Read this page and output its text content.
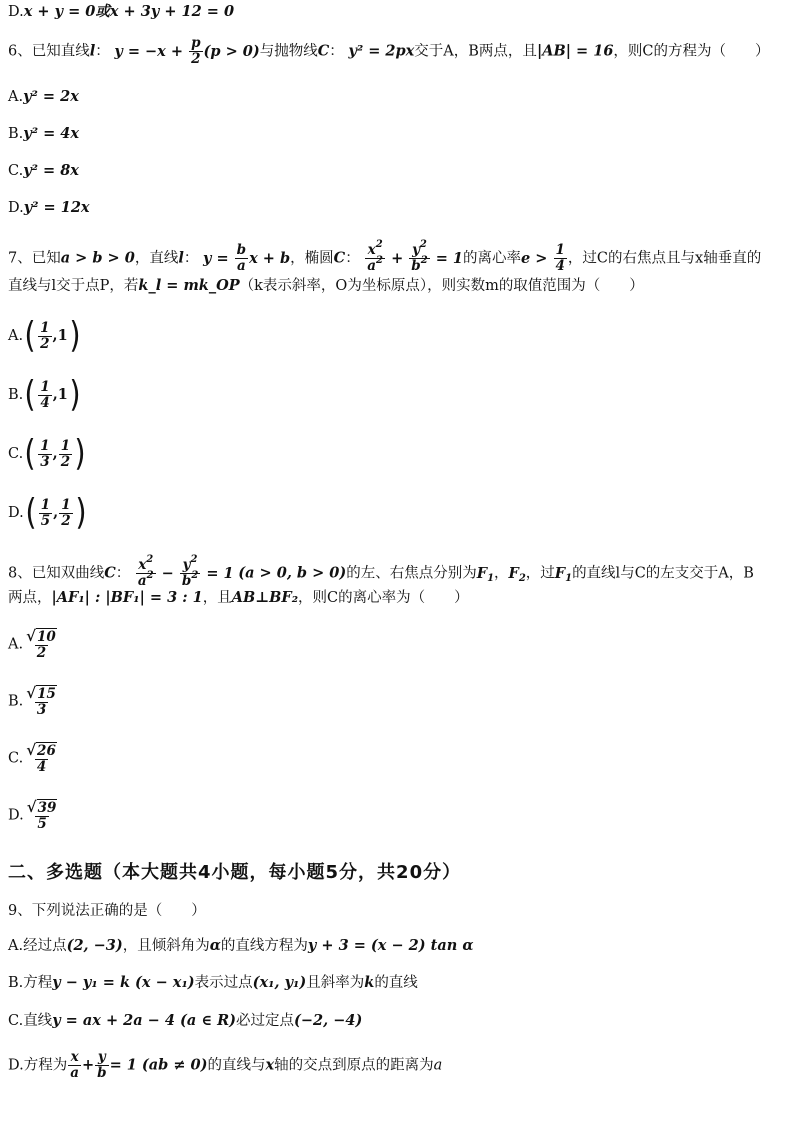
D.x + y = 0或x + 3y + 12 = 0
6、已知直线l： $y = -x + \frac{p}{2} (p > 0)$与抛物线C： y² = 2px交于A，B两点，且|AB| = 16，则C的方程为（　　）
A.y² = 2x
B.y² = 4x
C.y² = 8x
D.y² = 12x
7、已知a > b > 0，直线l： $y = \frac{b}{a}$ x + b，椭圆C： $\frac{x^2}{a^2} + \frac{y^2}{b^2} = 1$的离心率$e > \frac{1}{4}$ ，过C的右焦点且与x轴垂直的
直线与l交于点P，若k_l = mk_OP（k表示斜率，O为坐标原点），则实数m的取值范围为（　　）
$A.( \frac{1}{2} ,1)$
$B.( \frac{1}{4} ,1)$
$C.( \frac{1}{3}$ , $\frac{1}{2}$ )
$D.( \frac{1}{5}$ , $\frac{1}{2}$ )
8、已知双曲线C： $\frac{x^2}{a^2} - \frac{y^2}{b^2} = 1$ (a > 0, b > 0)的左、右焦点分别为$F_1$，$F_2$，过$F_1$的直线l与C的左支交于A，B
两点，|AF₁| : |BF₁| = 3 : 1，且AB⊥BF₂，则C的离心率为（　　）
A. $\frac{√10}{2}$
B. $\frac{√15}{3}$
C. $\frac{√26}{4}$
D. $\frac{√39}{5}$
二、多选题（本大题共4小题，每小题5分，共20分）
9、下列说法正确的是（　　）
A.经过点(2, −3)，且倾斜角为α的直线方程为y + 3 = (x − 2) tan α
B.方程y − y₁ = k (x − x₁)表示过点(x₁, y₁)且斜率为k的直线
C.直线y = ax + 2a − 4 (a ∈ R)必过定点(−2, −4)
D.方程为 $\frac{x}{a} + \frac{y}{b} = 1$ (ab ≠ 0)的直线与x轴的交点到原点的距离为a
